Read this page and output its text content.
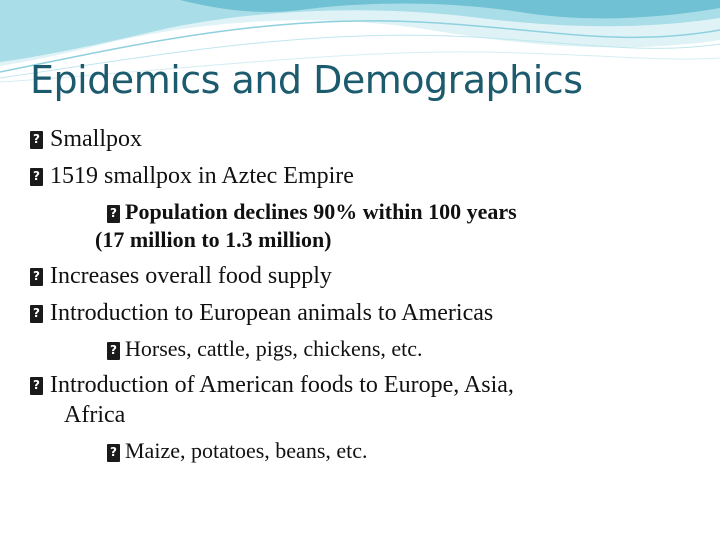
Epidemics and Demographics
?
Smallpox
?
1519 smallpox in Aztec Empire
?
Population declines 90% within 100 years
(17 million to 1.3 million)
?
Increases overall food supply
?
Introduction to European animals to Americas
?
Horses, cattle, pigs, chickens, etc.
?
Introduction of American foods to Europe, Asia,
Africa
?
Maize, potatoes, beans, etc.
